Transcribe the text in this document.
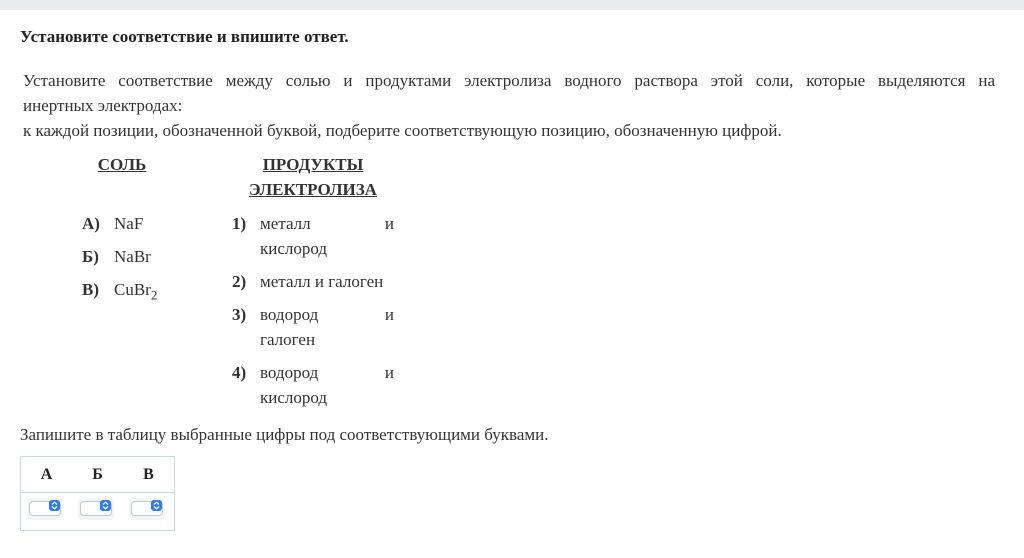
Установите соответствие и впишите ответ.
Установите соответствие между солью и продуктами электролиза водного раствора этой соли, которые выделяются на
инертных электродах:
к каждой позиции, обозначенной буквой, подберите соответствующую позицию, обозначенную цифрой.
СОЛЬ	ПРОДУКТЫ
ЭЛЕКТРОЛИЗА
А) NaF
Б) NaBr
В) CuBr$_2$
1) металл	и
кислород
2) металл и галоген
3) водород	и
галоген
4) водород	и
кислород
Запишите в таблицу выбранные цифры под соответствующими буквами.
А	Б	В
